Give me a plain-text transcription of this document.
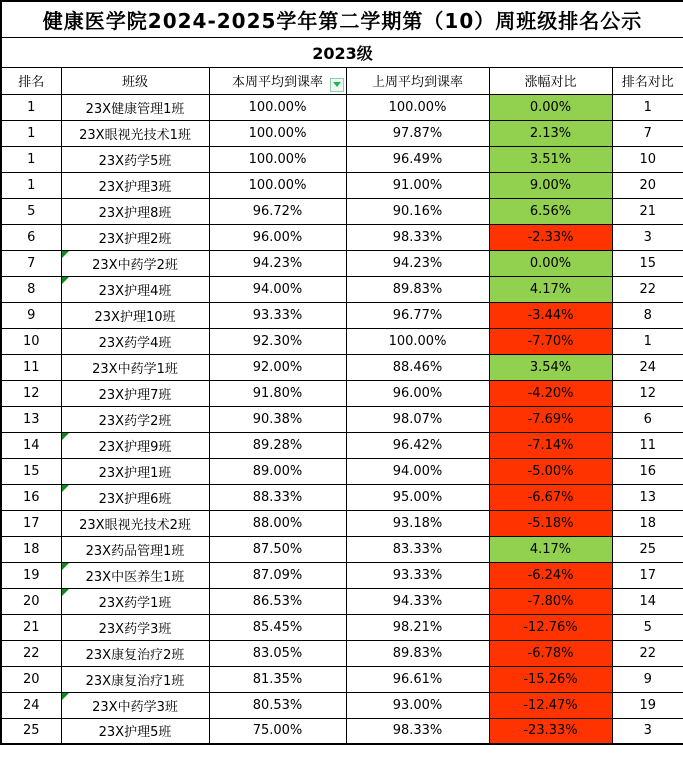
健康医学院2024-2025学年第二学期第（10）周班级排名公示					
2023级					
排名	班级	本周平均到课率	上周平均到课率	涨幅对比	排名对比
1	23X健康管理1班	100.00%	100.00%	0.00%	1
1	23X眼视光技术1班	100.00%	97.87%	2.13%	7
1	23X药学5班	100.00%	96.49%	3.51%	10
1	23X护理3班	100.00%	91.00%	9.00%	20
5	23X护理8班	96.72%	90.16%	6.56%	21
6	23X护理2班	96.00%	98.33%	-2.33%	3
7	23X中药学2班	94.23%	94.23%	0.00%	15
8	23X护理4班	94.00%	89.83%	4.17%	22
9	23X护理10班	93.33%	96.77%	-3.44%	8
10	23X药学4班	92.30%	100.00%	-7.70%	1
11	23X中药学1班	92.00%	88.46%	3.54%	24
12	23X护理7班	91.80%	96.00%	-4.20%	12
13	23X药学2班	90.38%	98.07%	-7.69%	6
14	23X护理9班	89.28%	96.42%	-7.14%	11
15	23X护理1班	89.00%	94.00%	-5.00%	16
16	23X护理6班	88.33%	95.00%	-6.67%	13
17	23X眼视光技术2班	88.00%	93.18%	-5.18%	18
18	23X药品管理1班	87.50%	83.33%	4.17%	25
19	23X中医养生1班	87.09%	93.33%	-6.24%	17
20	23X药学1班	86.53%	94.33%	-7.80%	14
21	23X药学3班	85.45%	98.21%	-12.76%	5
22	23X康复治疗2班	83.05%	89.83%	-6.78%	22
20	23X康复治疗1班	81.35%	96.61%	-15.26%	9
24	23X中药学3班	80.53%	93.00%	-12.47%	19
25	23X护理5班	75.00%	98.33%	-23.33%	3
